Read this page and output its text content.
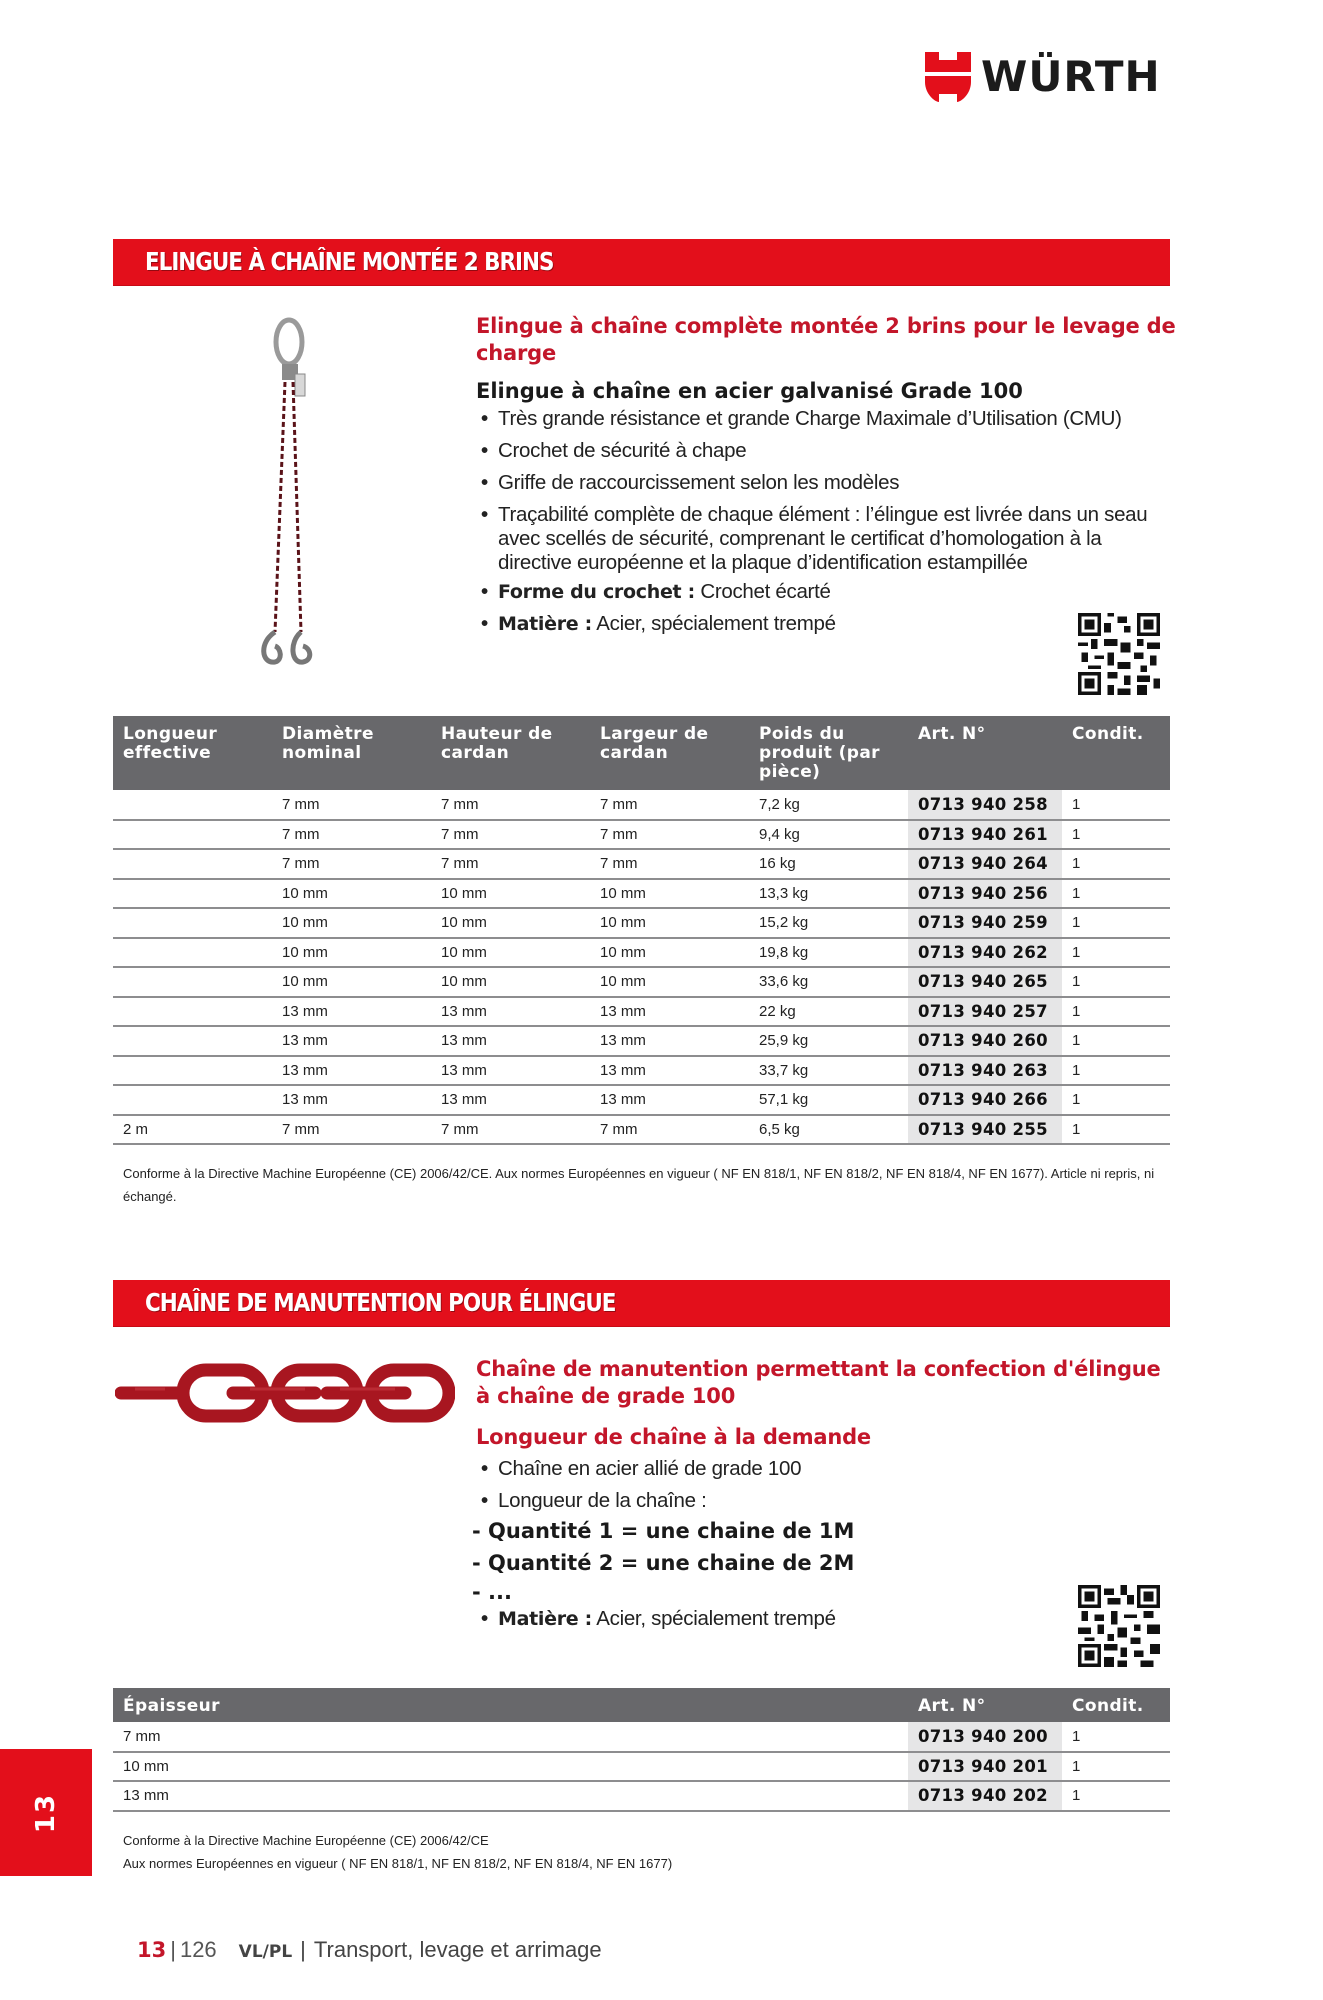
WÜRTH
ELINGUE À CHAÎNE MONTÉE 2 BRINS
Elingue à chaîne complète montée 2 brins pour le levage de charge
Elingue à chaîne en acier galvanisé Grade 100
• Très grande résistance et grande Charge Maximale d’Utilisation (CMU)
• Crochet de sécurité à chape
• Griffe de raccourcissement selon les modèles
• Traçabilité complète de chaque élément : l’élingue est livrée dans un seau avec scellés de sécurité, comprenant le certificat d’homologation à la directive européenne et la plaque d’identification estampillée
• Forme du crochet : Crochet écarté
• Matière : Acier, spécialement trempé
Longueur effective	Diamètre nominal	Hauteur de cardan	Largeur de cardan	Poids du produit (par pièce)	Art. N°	Condit.
	7 mm	7 mm	7 mm	7,2 kg	0713 940 258	1
	7 mm	7 mm	7 mm	9,4 kg	0713 940 261	1
	7 mm	7 mm	7 mm	16 kg	0713 940 264	1
	10 mm	10 mm	10 mm	13,3 kg	0713 940 256	1
	10 mm	10 mm	10 mm	15,2 kg	0713 940 259	1
	10 mm	10 mm	10 mm	19,8 kg	0713 940 262	1
	10 mm	10 mm	10 mm	33,6 kg	0713 940 265	1
	13 mm	13 mm	13 mm	22 kg	0713 940 257	1
	13 mm	13 mm	13 mm	25,9 kg	0713 940 260	1
	13 mm	13 mm	13 mm	33,7 kg	0713 940 263	1
	13 mm	13 mm	13 mm	57,1 kg	0713 940 266	1
2 m	7 mm	7 mm	7 mm	6,5 kg	0713 940 255	1
Conforme à la Directive Machine Européenne (CE) 2006/42/CE. Aux normes Européennes en vigueur ( NF EN 818/1, NF EN 818/2, NF EN 818/4, NF EN 1677). Article ni repris, ni échangé.
CHAÎNE DE MANUTENTION POUR ÉLINGUE
Chaîne de manutention permettant la confection d'élingue à chaîne de grade 100
Longueur de chaîne à la demande
• Chaîne en acier allié de grade 100
• Longueur de la chaîne :
- Quantité 1 = une chaine de 1M
- Quantité 2 = une chaine de 2M
- ...
• Matière : Acier, spécialement trempé
Épaisseur	Art. N°	Condit.
7 mm	0713 940 200	1
10 mm	0713 940 201	1
13 mm	0713 940 202	1
Conforme à la Directive Machine Européenne (CE) 2006/42/CE
Aux normes Européennes en vigueur ( NF EN 818/1, NF EN 818/2, NF EN 818/4, NF EN 1677)
13
13 | 126 VL/PL | Transport, levage et arrimage
